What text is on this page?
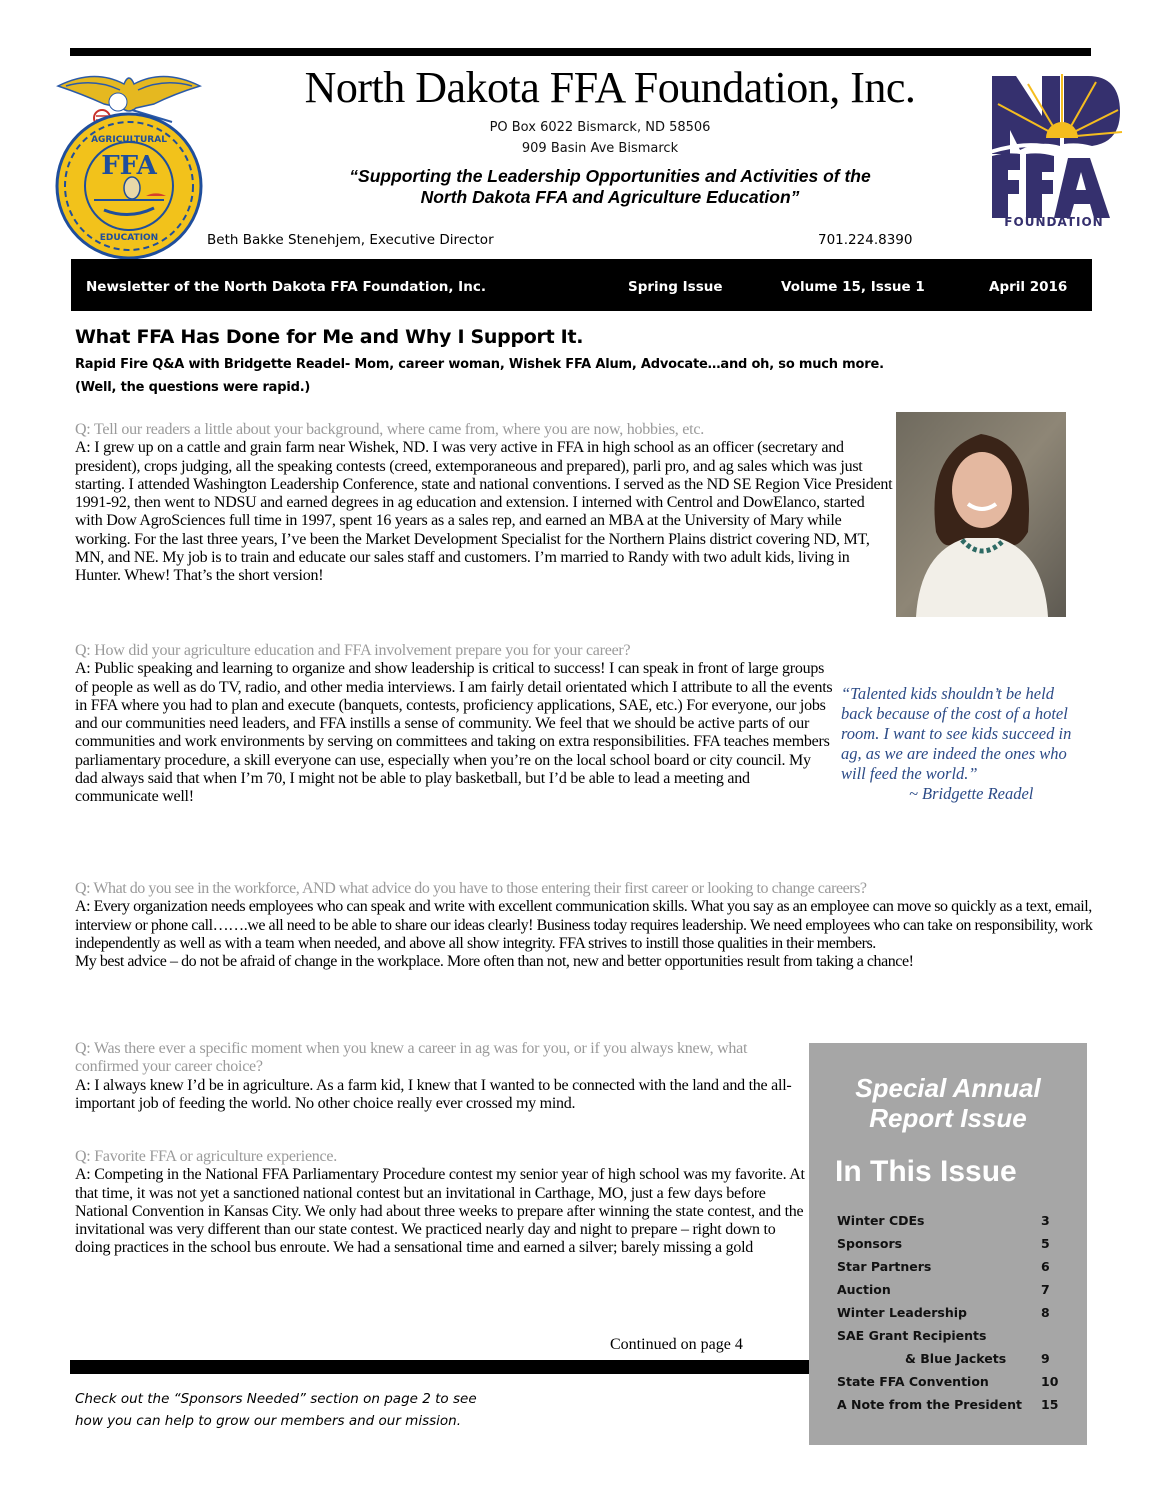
FFA
AGRICULTURAL
EDUCATION
North Dakota FFA Foundation, Inc.
PO Box 6022 Bismarck, ND 58506
909 Basin Ave Bismarck
“Supporting the Leadership Opportunities and Activities of the
North Dakota FFA and Agriculture Education”
Beth Bakke Stenehjem, Executive Director	701.224.8390
FOUNDATION
Newsletter of the North Dakota FFA Foundation, Inc.	Spring Issue	Volume 15, Issue 1	April 2016
What FFA Has Done for Me and Why I Support It.
Rapid Fire Q&A with Bridgette Readel- Mom, career woman, Wishek FFA Alum, Advocate…and oh, so much more.
(Well, the questions were rapid.)
Q: Tell our readers a little about your background, where came from, where you are now, hobbies, etc.
A: I grew up on a cattle and grain farm near Wishek, ND. I was very active in FFA in high school as an officer (secretary and president), crops judging, all the speaking contests (creed, extemporaneous and prepared), parli pro, and ag sales which was just starting. I attended Washington Leadership Conference, state and national conventions. I served as the ND SE Region Vice President 1991-92, then went to NDSU and earned degrees in ag education and extension. I interned with Centrol and DowElanco, started with Dow AgroSciences full time in 1997, spent 16 years as a sales rep, and earned an MBA at the University of Mary while working. For the last three years, I’ve been the Market Development Specialist for the Northern Plains district covering ND, MT, MN, and NE. My job is to train and educate our sales staff and customers. I’m married to Randy with two adult kids, living in Hunter. Whew! That’s the short version!
Q: How did your agriculture education and FFA involvement prepare you for your career?
A: Public speaking and learning to organize and show leadership is critical to success! I can speak in front of large groups of people as well as do TV, radio, and other media interviews. I am fairly detail orientated which I attribute to all the events in FFA where you had to plan and execute (banquets, contests, proficiency applications, SAE, etc.) For everyone, our jobs and our communities need leaders, and FFA instills a sense of community. We feel that we should be active parts of our communities and work environments by serving on committees and taking on extra responsibilities. FFA teaches members parliamentary procedure, a skill everyone can use, especially when you’re on the local school board or city council. My dad always said that when I’m 70, I might not be able to play basketball, but I’d be able to lead a meeting and communicate well!
“Talented kids shouldn’t be held back because of the cost of a hotel room. I want to see kids succeed in ag, as we are indeed the ones who will feed the world.”
~ Bridgette Readel
Q: What do you see in the workforce, AND what advice do you have to those entering their first career or looking to change careers?
A: Every organization needs employees who can speak and write with excellent communication skills. What you say as an employee can move so quickly as a text, email, interview or phone call…….we all need to be able to share our ideas clearly! Business today requires leadership. We need employees who can take on responsibility, work independently as well as with a team when needed, and above all show integrity. FFA strives to instill those qualities in their members.
My best advice – do not be afraid of change in the workplace. More often than not, new and better opportunities result from taking a chance!
Q: Was there ever a specific moment when you knew a career in ag was for you, or if you always knew, what confirmed your career choice?
A: I always knew I’d be in agriculture. As a farm kid, I knew that I wanted to be connected with the land and the all-important job of feeding the world. No other choice really ever crossed my mind.
Q: Favorite FFA or agriculture experience.
A: Competing in the National FFA Parliamentary Procedure contest my senior year of high school was my favorite. At that time, it was not yet a sanctioned national contest but an invitational in Carthage, MO, just a few days before National Convention in Kansas City. We only had about three weeks to prepare after winning the state contest, and the invitational was very different than our state contest. We practiced nearly day and night to prepare – right down to doing practices in the school bus enroute. We had a sensational time and earned a silver; barely missing a gold
Continued on page 4
Check out the “Sponsors Needed” section on page 2 to see
how you can help to grow our members and our mission.
Special Annual
Report Issue
In This Issue
Winter CDEs	3
Sponsors	5
Star Partners	6
Auction	7
Winter Leadership	8
SAE Grant Recipients
& Blue Jackets	9
State FFA Convention	10
A Note from the President 15
